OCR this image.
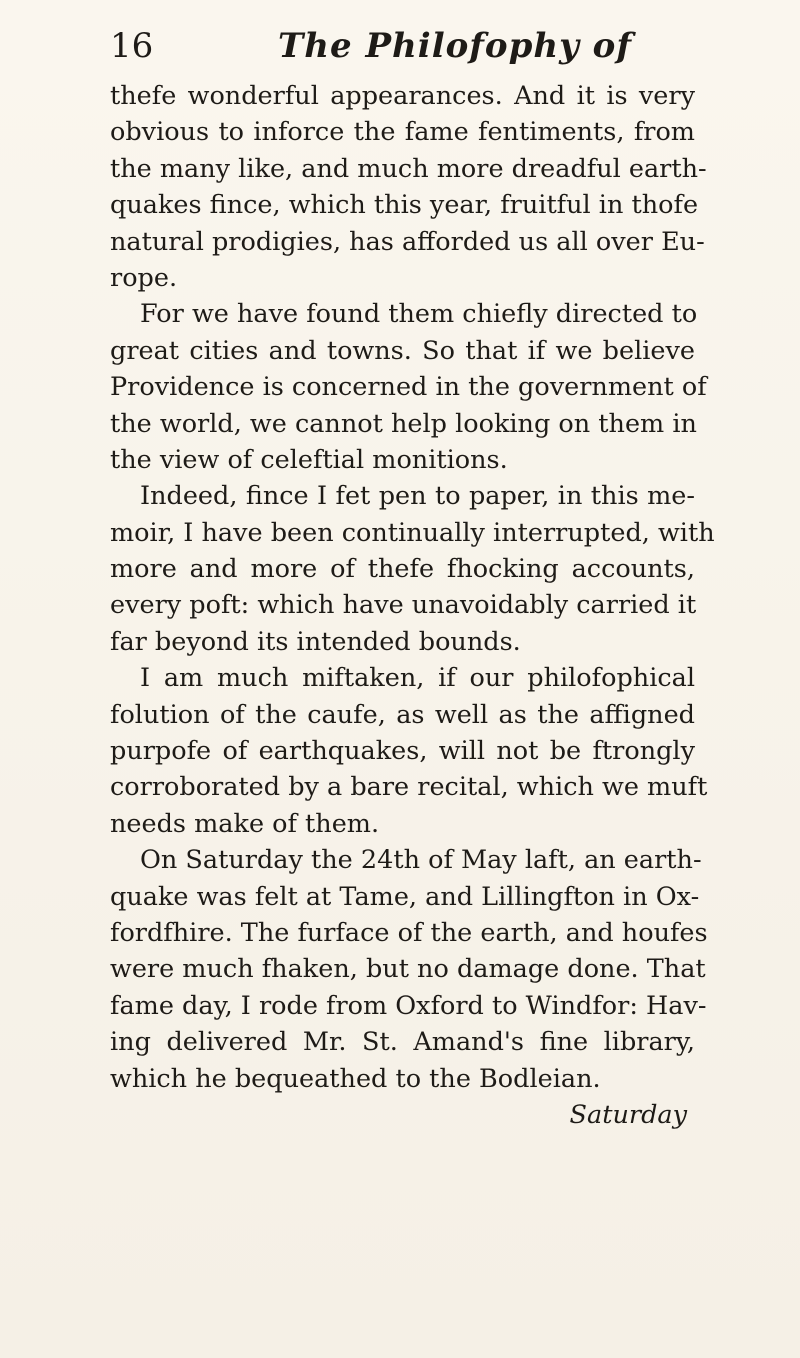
16	The Philofophy of
thefe wonderful appearances. And it is very
obvious to inforce the fame fentiments, from
the many like, and much more dreadful earth-
quakes fince, which this year, fruitful in thofe
natural prodigies, has afforded us all over Eu-
rope.
For we have found them chiefly directed to
great cities and towns. So that if we believe
Providence is concerned in the government of
the world, we cannot help looking on them in
the view of celeftial monitions.
Indeed, fince I fet pen to paper, in this me-
moir, I have been continually interrupted, with
more and more of thefe fhocking accounts,
every poft: which have unavoidably carried it
far beyond its intended bounds.
I am much miftaken, if our philofophical
folution of the caufe, as well as the affigned
purpofe of earthquakes, will not be ftrongly
corroborated by a bare recital, which we muft
needs make of them.
On Saturday the 24th of May laft, an earth-
quake was felt at Tame, and Lillingfton in Ox-
fordfhire. The furface of the earth, and houfes
were much fhaken, but no damage done. That
fame day, I rode from Oxford to Windfor: Hav-
ing delivered Mr. St. Amand's fine library,
which he bequeathed to the Bodleian.
Saturday
